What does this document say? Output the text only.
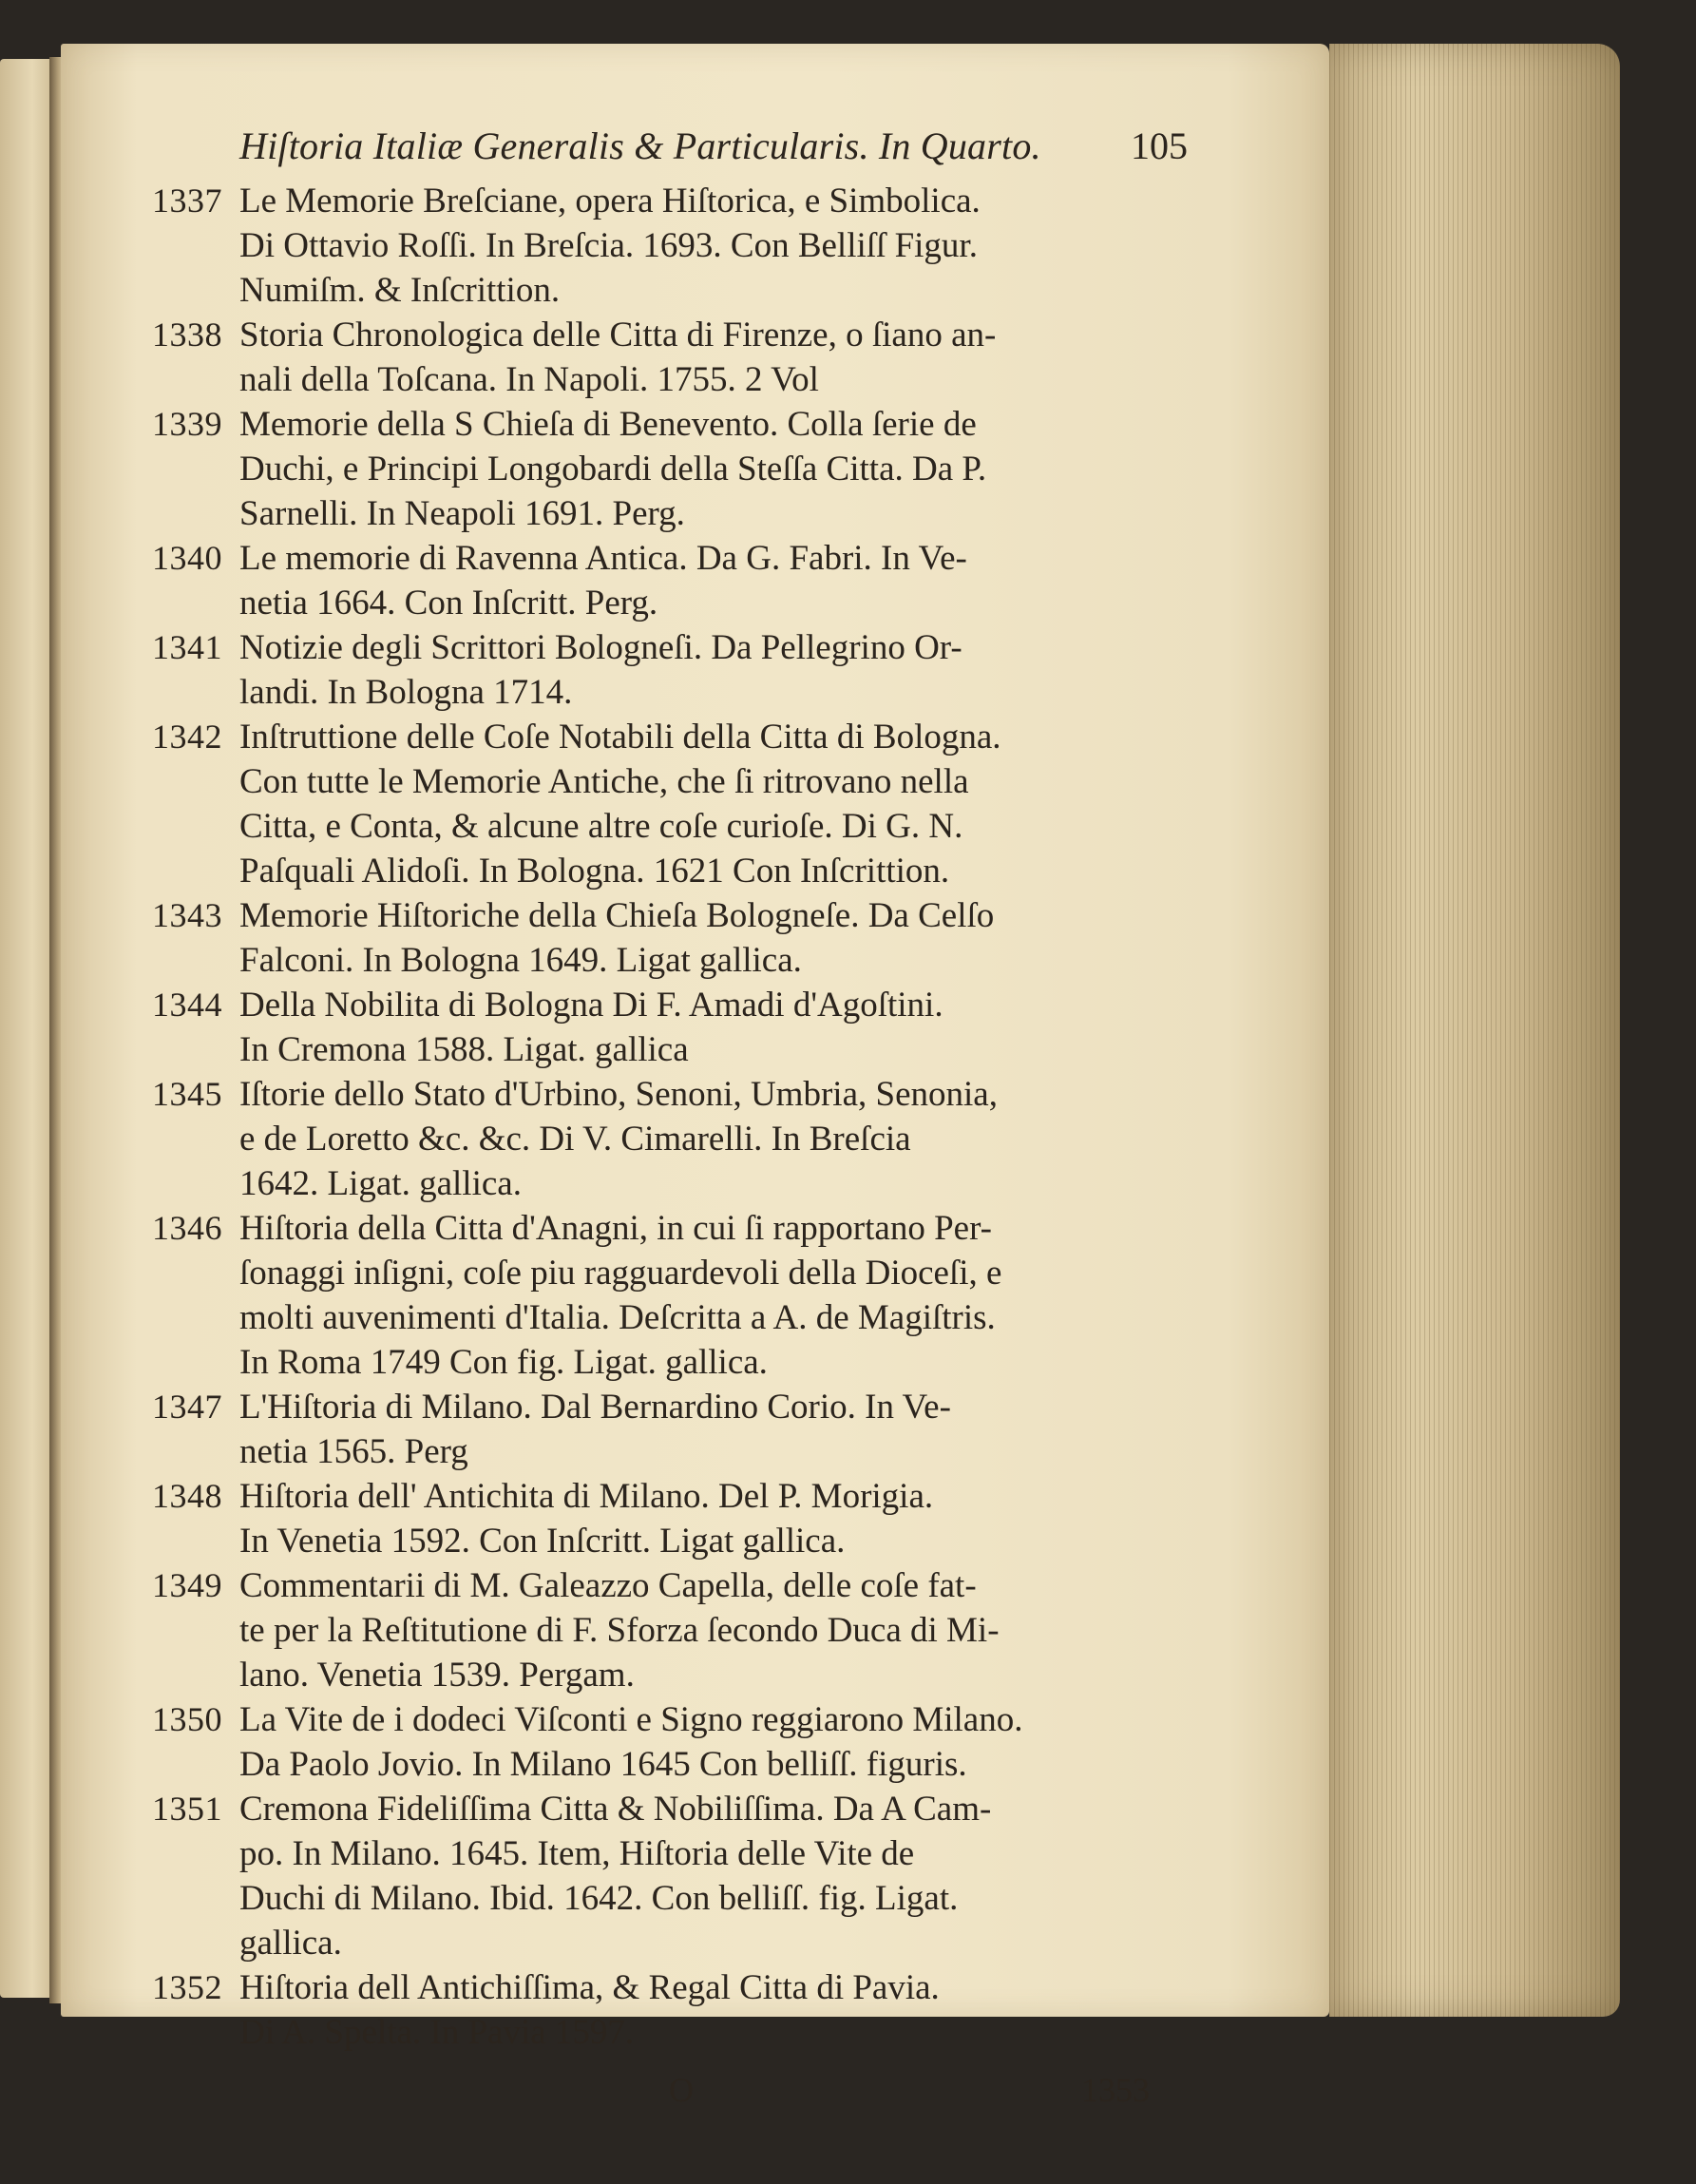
Hiſtoria Italiæ Generalis & Particularis. In Quarto. 105
1337 Le Memorie Breſciane, opera Hiſtorica, e Simbolica.
Di Ottavio Roſſi. In Breſcia. 1693. Con Belliſſ Figur.
Numiſm. & Inſcrittion.
1338 Storia Chronologica delle Citta di Firenze, o ſiano an-
nali della Toſcana. In Napoli. 1755. 2 Vol
1339 Memorie della S Chieſa di Benevento. Colla ſerie de
Duchi, e Principi Longobardi della Steſſa Citta. Da P.
Sarnelli. In Neapoli 1691. Perg.
1340 Le memorie di Ravenna Antica. Da G. Fabri. In Ve-
netia 1664. Con Inſcritt. Perg.
1341 Notizie degli Scrittori Bologneſi. Da Pellegrino Or-
landi. In Bologna 1714.
1342 Inſtruttione delle Coſe Notabili della Citta di Bologna.
Con tutte le Memorie Antiche, che ſi ritrovano nella
Citta, e Conta, & alcune altre coſe curioſe. Di G. N.
Paſquali Alidoſi. In Bologna. 1621 Con Inſcrittion.
1343 Memorie Hiſtoriche della Chieſa Bologneſe. Da Celſo
Falconi. In Bologna 1649. Ligat gallica.
1344 Della Nobilita di Bologna Di F. Amadi d'Agoſtini.
In Cremona 1588. Ligat. gallica
1345 Iſtorie dello Stato d'Urbino, Senoni, Umbria, Senonia,
e de Loretto &c. &c. Di V. Cimarelli. In Breſcia
1642. Ligat. gallica.
1346 Hiſtoria della Citta d'Anagni, in cui ſi rapportano Per-
ſonaggi inſigni, coſe piu ragguardevoli della Dioceſi, e
molti auvenimenti d'Italia. Deſcritta a A. de Magiſtris.
In Roma 1749 Con fig. Ligat. gallica.
1347 L'Hiſtoria di Milano. Dal Bernardino Corio. In Ve-
netia 1565. Perg
1348 Hiſtoria dell' Antichita di Milano. Del P. Morigia.
In Venetia 1592. Con Inſcritt. Ligat gallica.
1349 Commentarii di M. Galeazzo Capella, delle coſe fat-
te per la Reſtitutione di F. Sforza ſecondo Duca di Mi-
lano. Venetia 1539. Pergam.
1350 La Vite de i dodeci Viſconti e Signo reggiarono Milano.
Da Paolo Jovio. In Milano 1645 Con belliſſ. figuris.
1351 Cremona Fideliſſima Citta & Nobiliſſima. Da A Cam-
po. In Milano. 1645. Item, Hiſtoria delle Vite de
Duchi di Milano. Ibid. 1642. Con belliſſ. fig. Ligat.
gallica.
1352 Hiſtoria dell Antichiſſima, & Regal Citta di Pavia.
Di A. Spelta. In Pavia 1597.
O	1353
